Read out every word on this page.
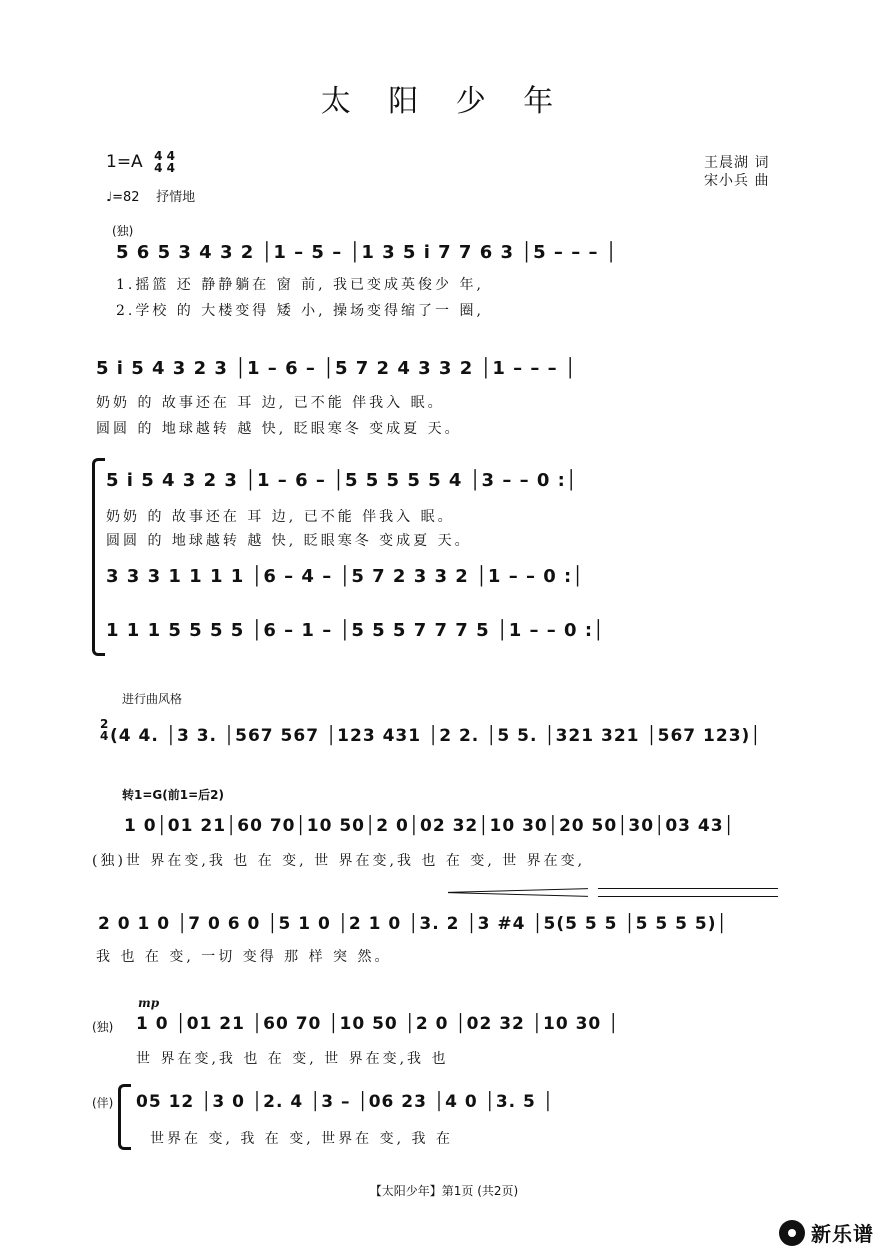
太 阳 少 年
1=A 4 4
4 4
♩=82 抒情地
王晨湖 词
宋小兵 曲
(独)
5 6 5 3 4 3 2 │1 – 5 – │1 3 5 i 7 7 6 3 │5 – – – │
1.摇篮 还 静静躺在 窗 前, 我已变成英俊少 年,
2.学校 的 大楼变得 矮 小, 操场变得缩了一 圈,
5 i 5 4 3 2 3 │1 – 6 – │5 7 2 4 3 3 2 │1 – – – │
奶奶 的 故事还在 耳 边, 已不能 伴我入 眠。
圆圆 的 地球越转 越 快, 眨眼寒冬 变成夏 天。
5 i 5 4 3 2 3 │1 – 6 – │5 5 5 5 5 4 │3 – – 0 :│
奶奶 的 故事还在 耳 边, 已不能 伴我入 眠。
圆圆 的 地球越转 越 快, 眨眼寒冬 变成夏 天。
3 3 3 1 1 1 1 │6 – 4 – │5 7 2 3 3 2 │1 – – 0 :│
1 1 1 5 5 5 5 │6 – 1 – │5 5 5 7 7 7 5 │1 – – 0 :│
进行曲风格
2
4 (4 4. │3 3. │567 567 │123 431 │2 2. │5 5. │321 321 │567 123)│
转1=G(前1=后2)
1 0│01 21│60 70│10 50│2 0│02 32│10 30│20 50│30│03 43│
(独)世 界在变,我 也 在 变, 世 界在变,我 也 在 变, 世 界在变,
2 0 1 0 │7 0 6 0 │5 1 0 │2 1 0 │3. 2 │3 #4 │5(5 5 5 │5 5 5 5)│
我 也 在 变, 一切 变得 那 样 突 然。
mp
(独) 1 0 │01 21 │60 70 │10 50 │2 0 │02 32 │10 30 │
世 界在变,我 也 在 变, 世 界在变,我 也
(伴) 05 12 │3 0 │2. 4 │3 – │06 23 │4 0 │3. 5 │
世界在 变, 我 在 变, 世界在 变, 我 在
【太阳少年】第1页 (共2页)
新乐谱
